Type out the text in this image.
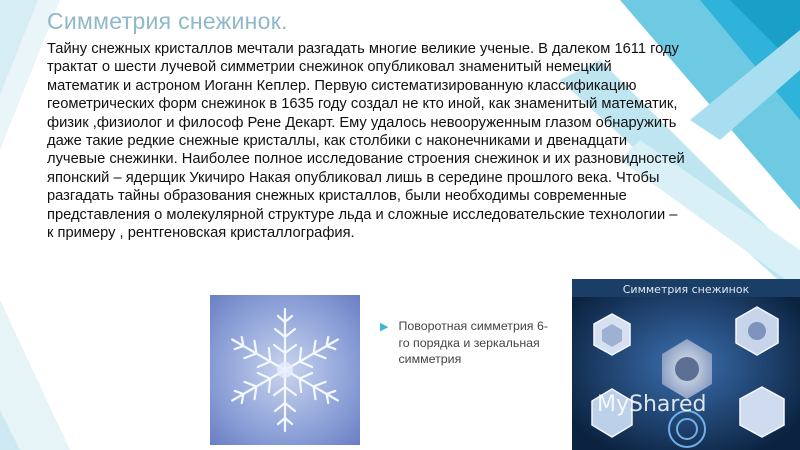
Симметрия снежинок.

Тайну снежных кристаллов мечтали разгадать многие великие ученые. В далеком 1611 году трактат о шести лучевой симметрии снежинок опубликовал знаменитый немецкий математик и астроном Иоганн Кеплер. Первую систематизированную классификацию геометрических форм снежинок в 1635 году создал не кто иной, как знаменитый математик, физик ,физиолог и философ Рене Декарт. Ему удалось невооруженным глазом обнаружить даже такие редкие снежные кристаллы, как столбики с наконечниками и двенадцати лучевые снежинки. Наиболее полное исследование строения снежинок и их разновидностей японский – ядерщик Укичиро Накая опубликовал лишь в середине прошлого века. Чтобы разгадать тайны образования снежных кристаллов, были необходимы современные представления о молекулярной структуре льда и сложные исследовательские технологии – к примеру , рентгеновская кристаллография.

▶ Поворотная симметрия 6-го порядка и зеркальная симметрия
Симметрия снежинок
MyShared
